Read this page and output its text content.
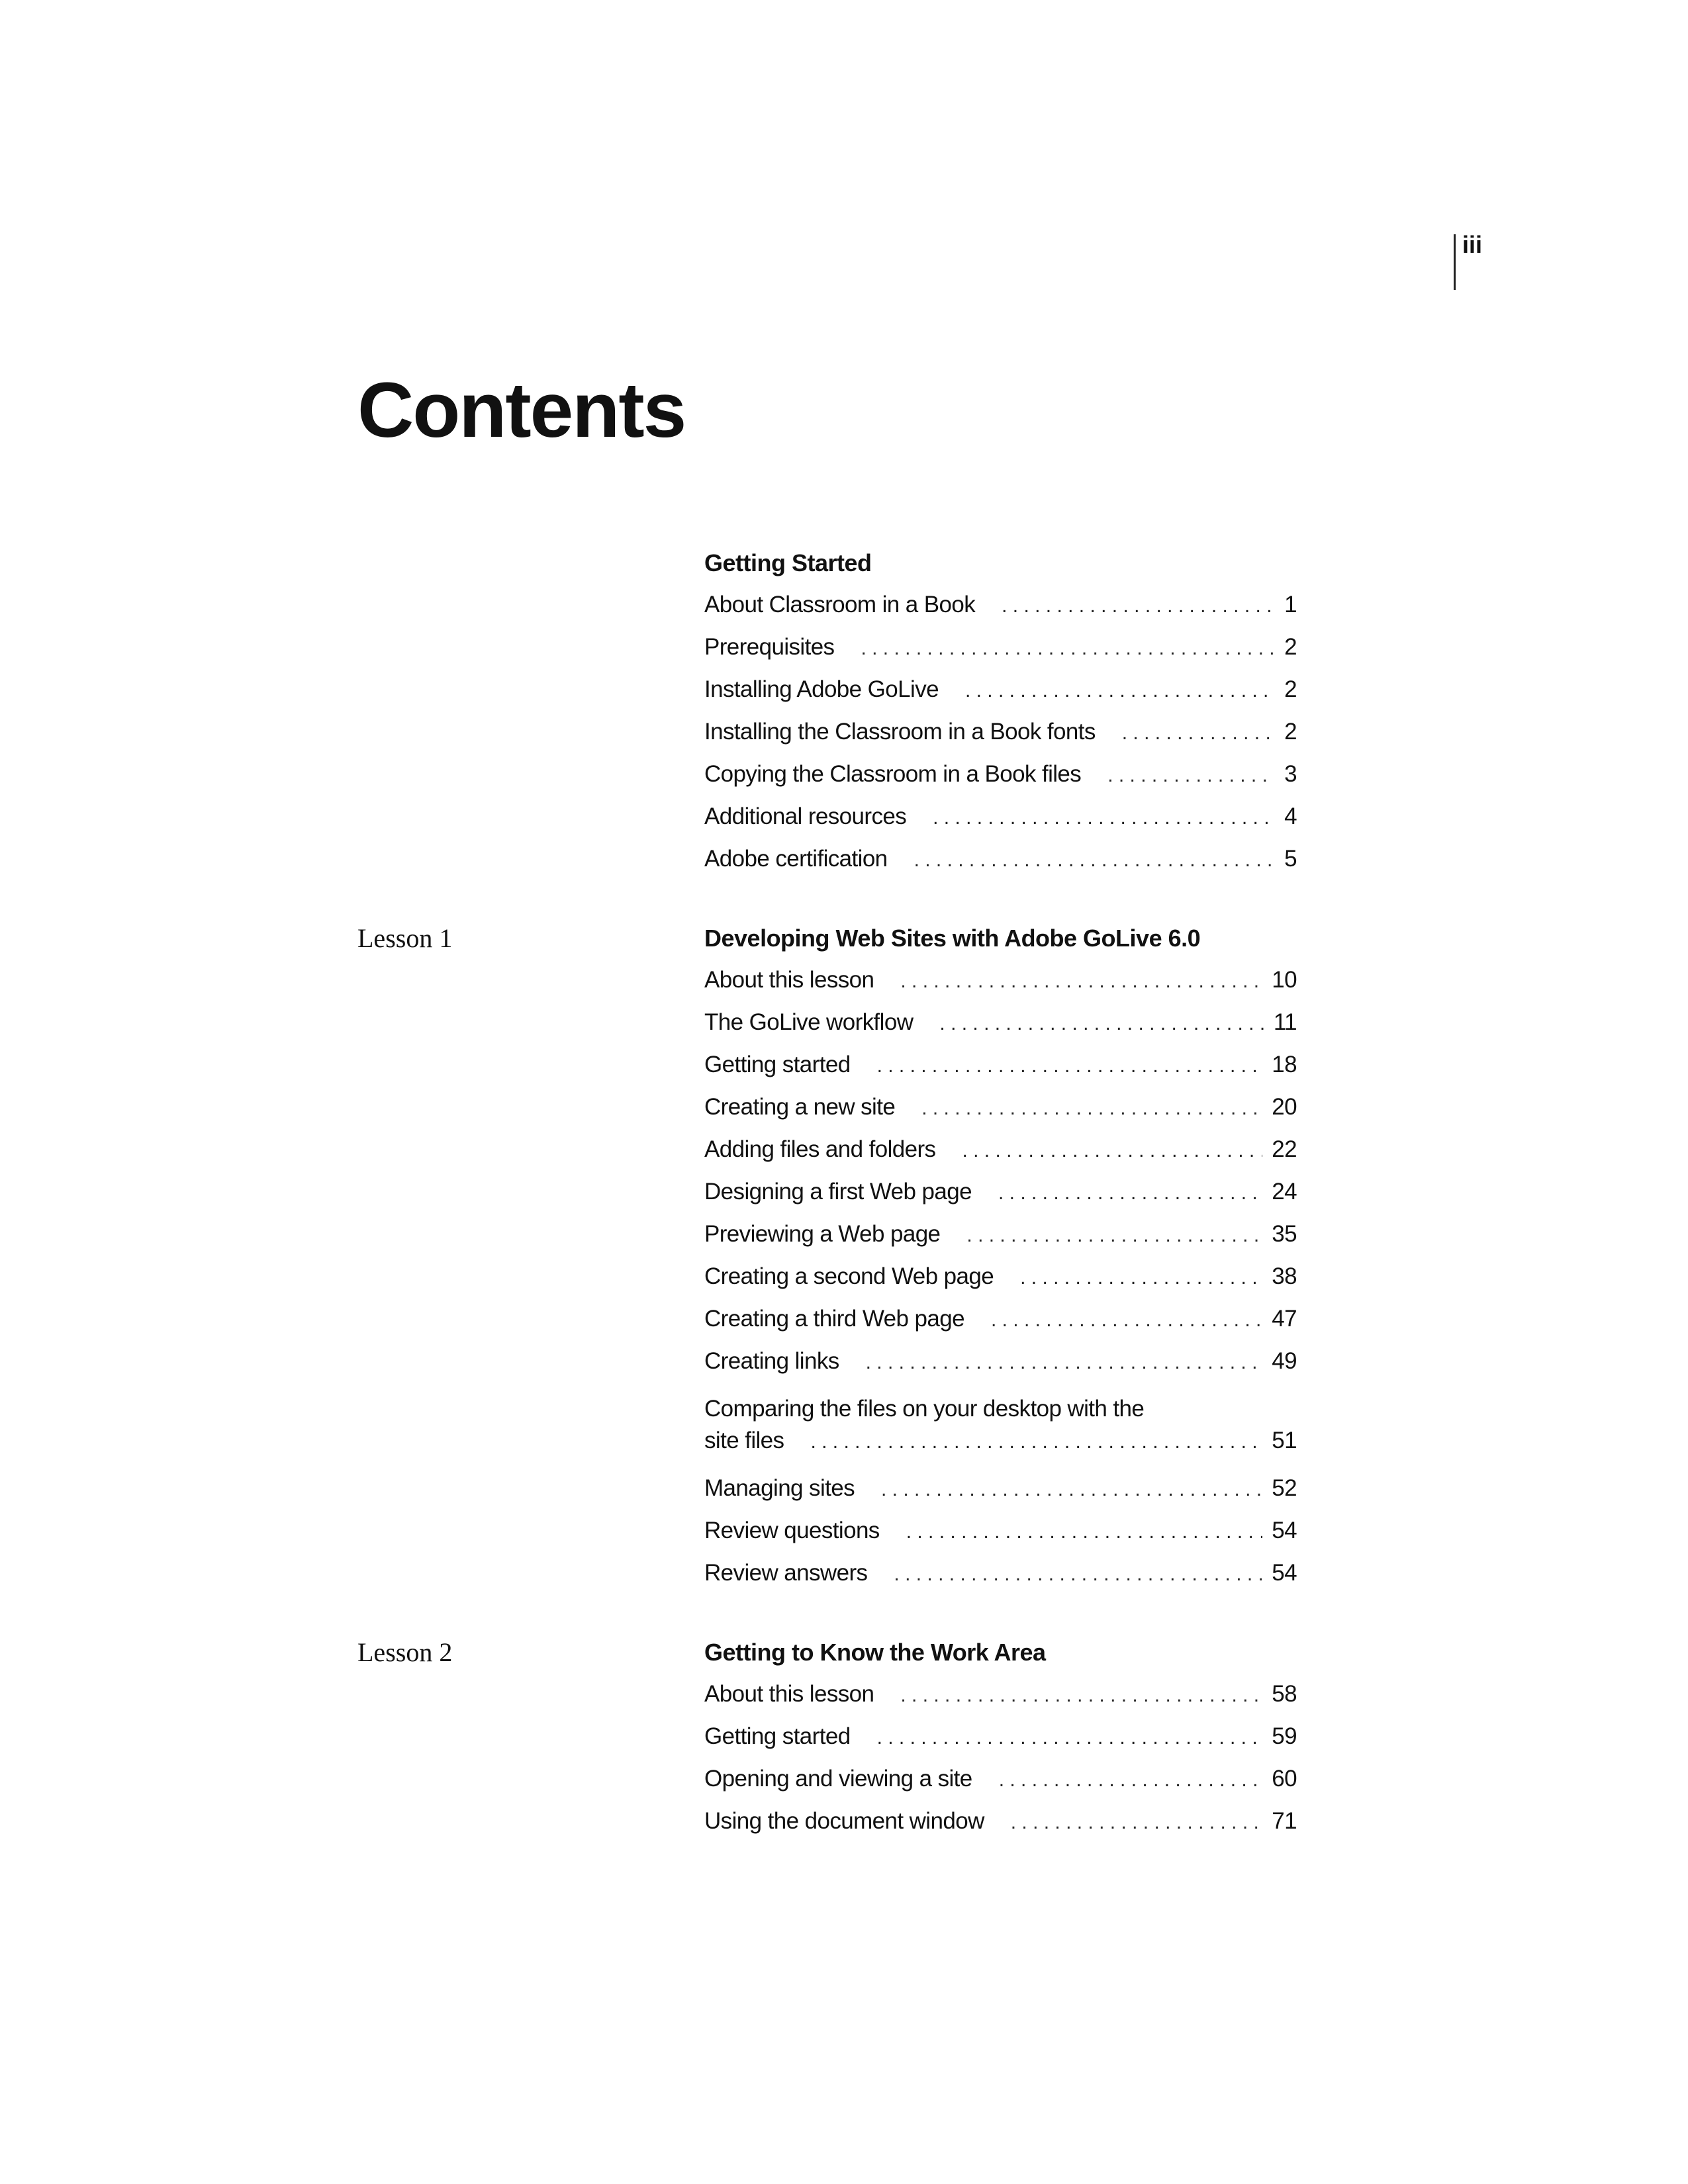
iii
Contents
Getting Started
About Classroom in a Book . . .	1
Prerequisites . . .	2
Installing Adobe GoLive . . .	2
Installing the Classroom in a Book fonts . . .	2
Copying the Classroom in a Book files . . .	3
Additional resources . . .	4
Adobe certification . . .	5
Lesson 1	Developing Web Sites with Adobe GoLive 6.0
About this lesson . . .	10
The GoLive workflow . . .	11
Getting started . . .	18
Creating a new site . . .	20
Adding files and folders . . .	22
Designing a first Web page . . .	24
Previewing a Web page . . .	35
Creating a second Web page . . .	38
Creating a third Web page . . .	47
Creating links . . .	49
Comparing the files on your desktop with the
site files . . .	51
Managing sites . . .	52
Review questions . . .	54
Review answers . . .	54
Lesson 2	Getting to Know the Work Area
About this lesson . . .	58
Getting started . . .	59
Opening and viewing a site . . .	60
Using the document window . . .	71
